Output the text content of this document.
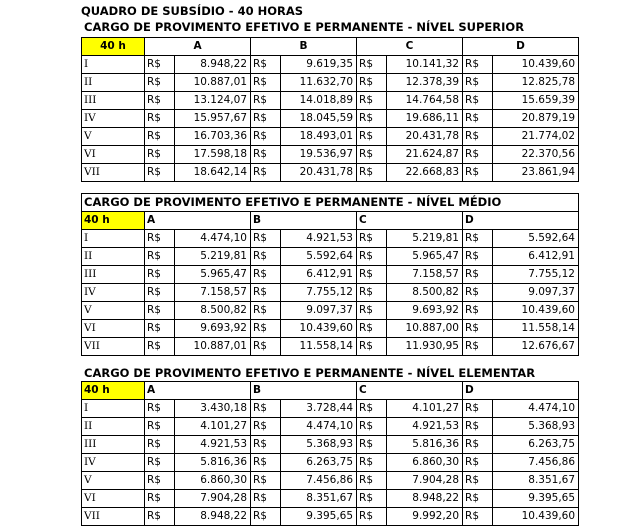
QUADRO DE SUBSÍDIO - 40 HORAS
CARGO DE PROVIMENTO EFETIVO E PERMANENTE - NÍVEL SUPERIOR
40 h	A		B		C		D	
I	R$	8.948,22	R$	9.619,35	R$	10.141,32	R$	10.439,60
II	R$	10.887,01	R$	11.632,70	R$	12.378,39	R$	12.825,78
III	R$	13.124,07	R$	14.018,89	R$	14.764,58	R$	15.659,39
IV	R$	15.957,67	R$	18.045,59	R$	19.686,11	R$	20.879,19
V	R$	16.703,36	R$	18.493,01	R$	20.431,78	R$	21.774,02
VI	R$	17.598,18	R$	19.536,97	R$	21.624,87	R$	22.370,56
VII	R$	18.642,14	R$	20.431,78	R$	22.668,83	R$	23.861,94
CARGO DE PROVIMENTO EFETIVO E PERMANENTE - NÍVEL MÉDIO								
40 h	A		B		C		D	
I	R$	4.474,10	R$	4.921,53	R$	5.219,81	R$	5.592,64
II	R$	5.219,81	R$	5.592,64	R$	5.965,47	R$	6.412,91
III	R$	5.965,47	R$	6.412,91	R$	7.158,57	R$	7.755,12
IV	R$	7.158,57	R$	7.755,12	R$	8.500,82	R$	9.097,37
V	R$	8.500,82	R$	9.097,37	R$	9.693,92	R$	10.439,60
VI	R$	9.693,92	R$	10.439,60	R$	10.887,00	R$	11.558,14
VII	R$	10.887,01	R$	11.558,14	R$	11.930,95	R$	12.676,67
CARGO DE PROVIMENTO EFETIVO E PERMANENTE - NÍVEL ELEMENTAR
40 h	A		B		C		D	
I	R$	3.430,18	R$	3.728,44	R$	4.101,27	R$	4.474,10
II	R$	4.101,27	R$	4.474,10	R$	4.921,53	R$	5.368,93
III	R$	4.921,53	R$	5.368,93	R$	5.816,36	R$	6.263,75
IV	R$	5.816,36	R$	6.263,75	R$	6.860,30	R$	7.456,86
V	R$	6.860,30	R$	7.456,86	R$	7.904,28	R$	8.351,67
VI	R$	7.904,28	R$	8.351,67	R$	8.948,22	R$	9.395,65
VII	R$	8.948,22	R$	9.395,65	R$	9.992,20	R$	10.439,60
